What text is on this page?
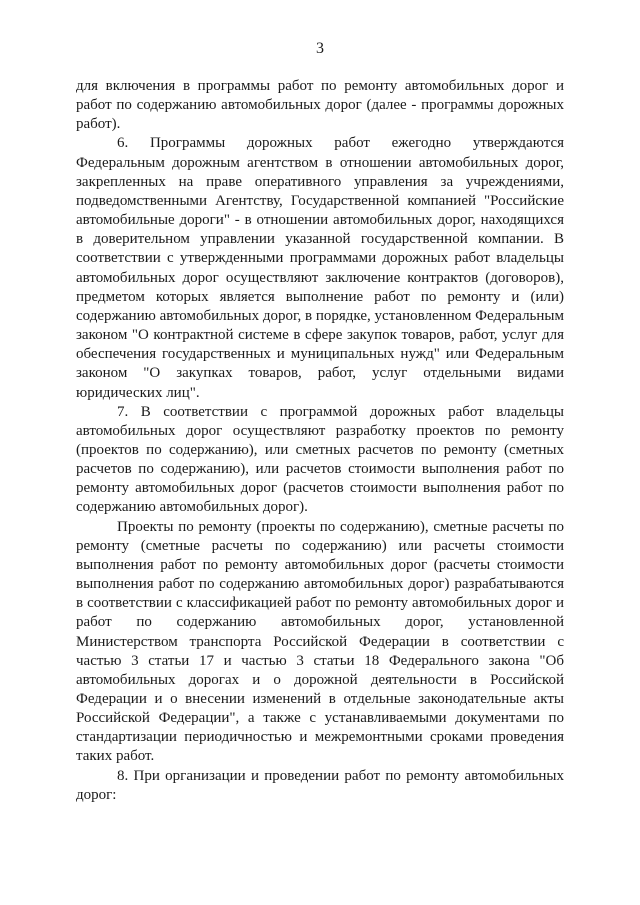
3

для включения в программы работ по ремонту автомобильных дорог и работ по содержанию автомобильных дорог (далее - программы дорожных работ).

6. Программы дорожных работ ежегодно утверждаются Федеральным дорожным агентством в отношении автомобильных дорог, закрепленных на праве оперативного управления за учреждениями, подведомственными Агентству, Государственной компанией "Российские автомобильные дороги" - в отношении автомобильных дорог, находящихся в доверительном управлении указанной государственной компании. В соответствии с утвержденными программами дорожных работ владельцы автомобильных дорог осуществляют заключение контрактов (договоров), предметом которых является выполнение работ по ремонту и (или) содержанию автомобильных дорог, в порядке, установленном Федеральным законом "О контрактной системе в сфере закупок товаров, работ, услуг для обеспечения государственных и муниципальных нужд" или Федеральным законом "О закупках товаров, работ, услуг отдельными видами юридических лиц".

7. В соответствии с программой дорожных работ владельцы автомобильных дорог осуществляют разработку проектов по ремонту (проектов по содержанию), или сметных расчетов по ремонту (сметных расчетов по содержанию), или расчетов стоимости выполнения работ по ремонту автомобильных дорог (расчетов стоимости выполнения работ по содержанию автомобильных дорог).

Проекты по ремонту (проекты по содержанию), сметные расчеты по ремонту (сметные расчеты по содержанию) или расчеты стоимости выполнения работ по ремонту автомобильных дорог (расчеты стоимости выполнения работ по содержанию автомобильных дорог) разрабатываются в соответствии с классификацией работ по ремонту автомобильных дорог и работ по содержанию автомобильных дорог, установленной Министерством транспорта Российской Федерации в соответствии с частью 3 статьи 17 и частью 3 статьи 18 Федерального закона "Об автомобильных дорогах и о дорожной деятельности в Российской Федерации и о внесении изменений в отдельные законодательные акты Российской Федерации", а также с устанавливаемыми документами по стандартизации периодичностью и межремонтными сроками проведения таких работ.

8. При организации и проведении работ по ремонту автомобильных дорог:
